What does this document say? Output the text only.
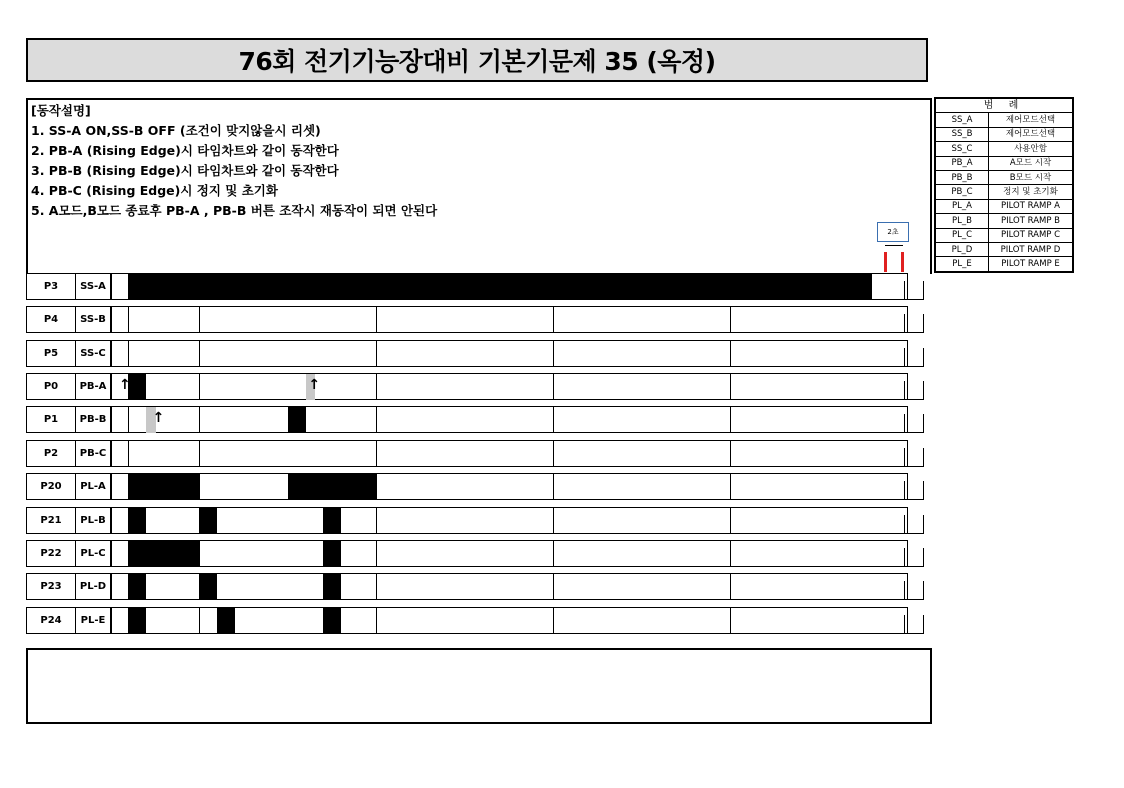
76회 전기기능장대비 기본기문제 35 (옥정)
[동작설명]
1. SS-A ON,SS-B OFF (조건이 맞지않을시 리셋)
2. PB-A (Rising Edge)시 타임차트와 같이 동작한다
3. PB-B (Rising Edge)시 타임차트와 같이 동작한다
4. PB-C (Rising Edge)시 정지 및 초기화
5. A모드,B모드 종료후 PB-A , PB-B 버튼 조작시 재동작이 되면 안된다
2초
범 례	
SS_A	제어모드선택
SS_B	제어모드선택
SS_C	사용안함
PB_A	A모드 시작
PB_B	B모드 시작
PB_C	정지 및 초기화
PL_A	PILOT RAMP A
PL_B	PILOT RAMP B
PL_C	PILOT RAMP C
PL_D	PILOT RAMP D
PL_E	PILOT RAMP E
P3	SS-A
P4	SS-B
P5	SS-C
P0	PB-A ↑	↑
P1	PB-B	↑	↑
P2	PB-C
P20	PL-A
P21	PL-B
P22	PL-C
P23	PL-D
P24	PL-E
